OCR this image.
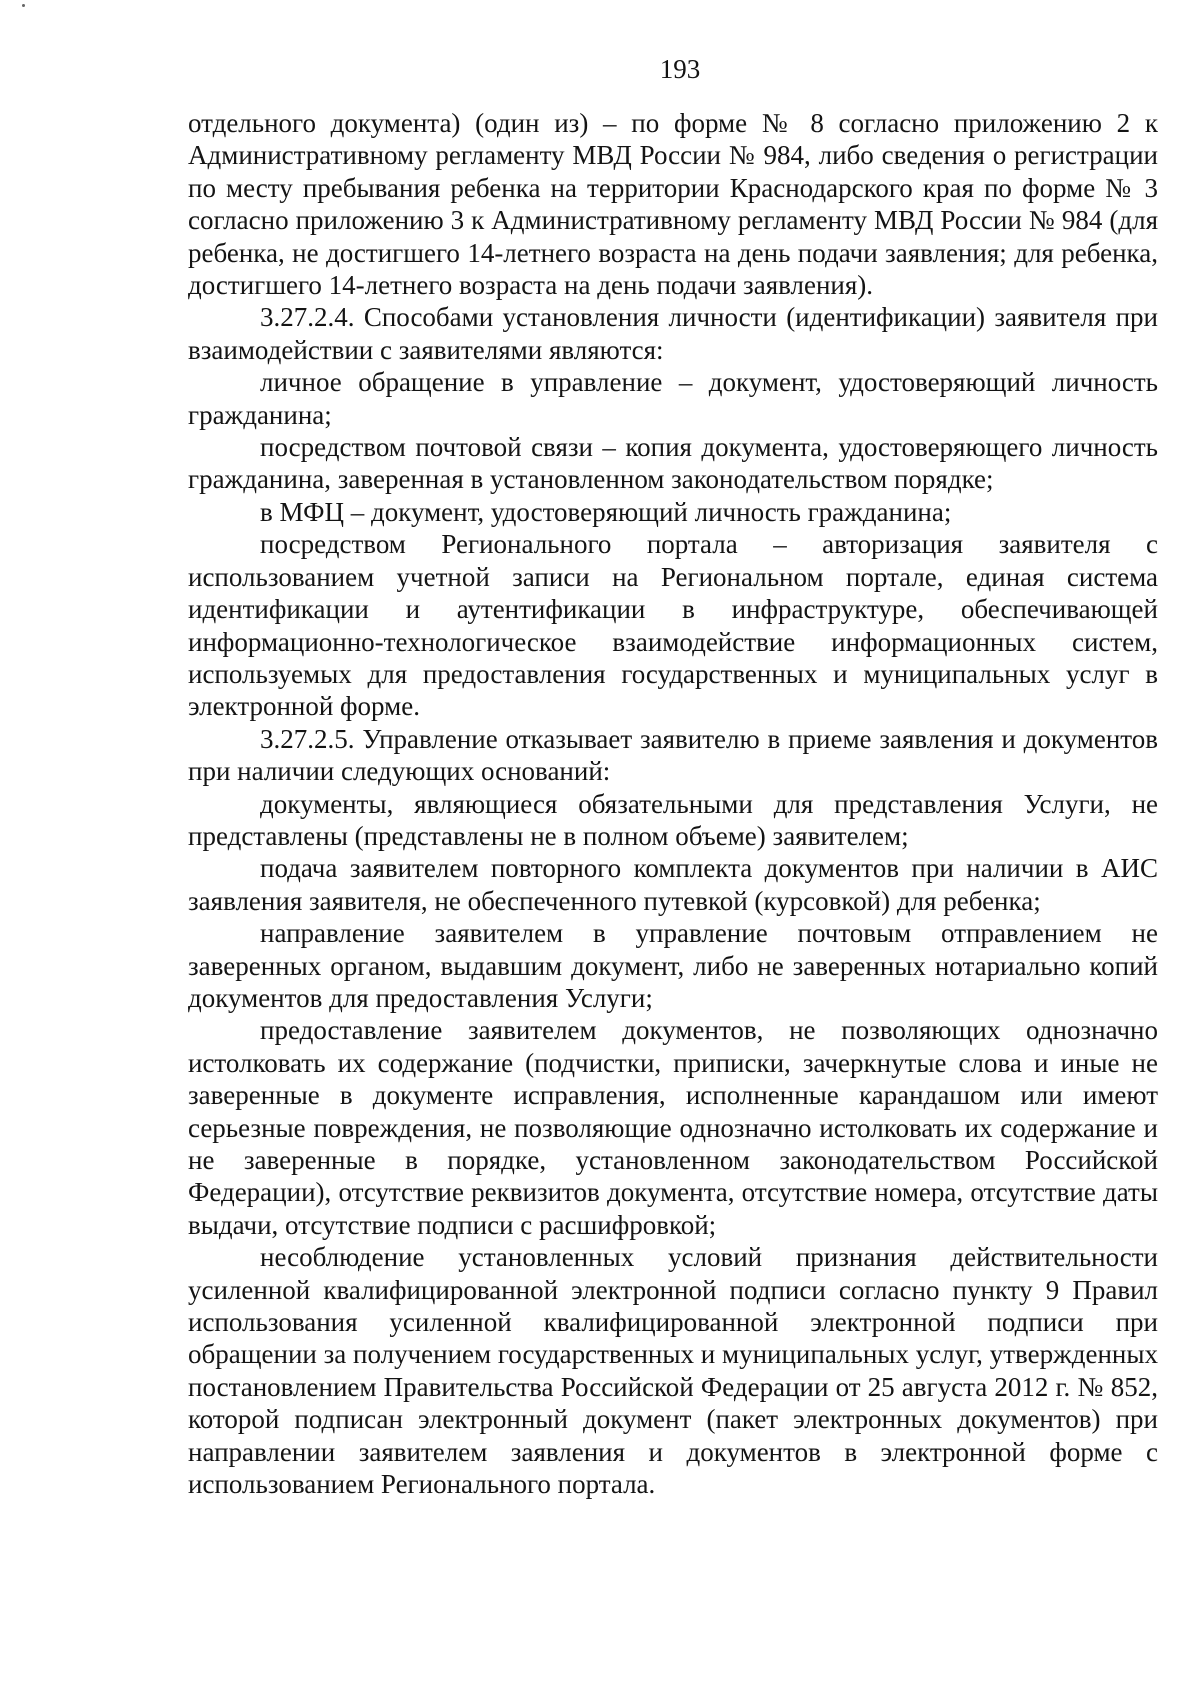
193

отдельного документа) (один из) – по форме № 8 согласно приложению 2 к Административному регламенту МВД России № 984, либо сведения о регистрации по месту пребывания ребенка на территории Краснодарского края по форме № 3 согласно приложению 3 к Административному регламенту МВД России № 984 (для ребенка, не достигшего 14-летнего возраста на день подачи заявления; для ребенка, достигшего 14-летнего возраста на день подачи заявления).

3.27.2.4. Способами установления личности (идентификации) заявителя при взаимодействии с заявителями являются:

личное обращение в управление – документ, удостоверяющий личность гражданина;

посредством почтовой связи – копия документа, удостоверяющего личность гражданина, заверенная в установленном законодательством порядке;

в МФЦ – документ, удостоверяющий личность гражданина;

посредством Регионального портала – авторизация заявителя с использованием учетной записи на Региональном портале, единая система идентификации и аутентификации в инфраструктуре, обеспечивающей информационно-технологическое взаимодействие информационных систем, используемых для предоставления государственных и муниципальных услуг в электронной форме.

3.27.2.5. Управление отказывает заявителю в приеме заявления и документов при наличии следующих оснований:

документы, являющиеся обязательными для представления Услуги, не представлены (представлены не в полном объеме) заявителем;

подача заявителем повторного комплекта документов при наличии в АИС заявления заявителя, не обеспеченного путевкой (курсовкой) для ребенка;

направление заявителем в управление почтовым отправлением не заверенных органом, выдавшим документ, либо не заверенных нотариально копий документов для предоставления Услуги;

предоставление заявителем документов, не позволяющих однозначно истолковать их содержание (подчистки, приписки, зачеркнутые слова и иные не заверенные в документе исправления, исполненные карандашом или имеют серьезные повреждения, не позволяющие однозначно истолковать их содержание и не заверенные в порядке, установленном законодательством Российской Федерации), отсутствие реквизитов документа, отсутствие номера, отсутствие даты выдачи, отсутствие подписи с расшифровкой;

несоблюдение установленных условий признания действительности усиленной квалифицированной электронной подписи согласно пункту 9 Правил использования усиленной квалифицированной электронной подписи при обращении за получением государственных и муниципальных услуг, утвержденных постановлением Правительства Российской Федерации от 25 августа 2012 г. № 852, которой подписан электронный документ (пакет электронных документов) при направлении заявителем заявления и документов в электронной форме с использованием Регионального портала.
